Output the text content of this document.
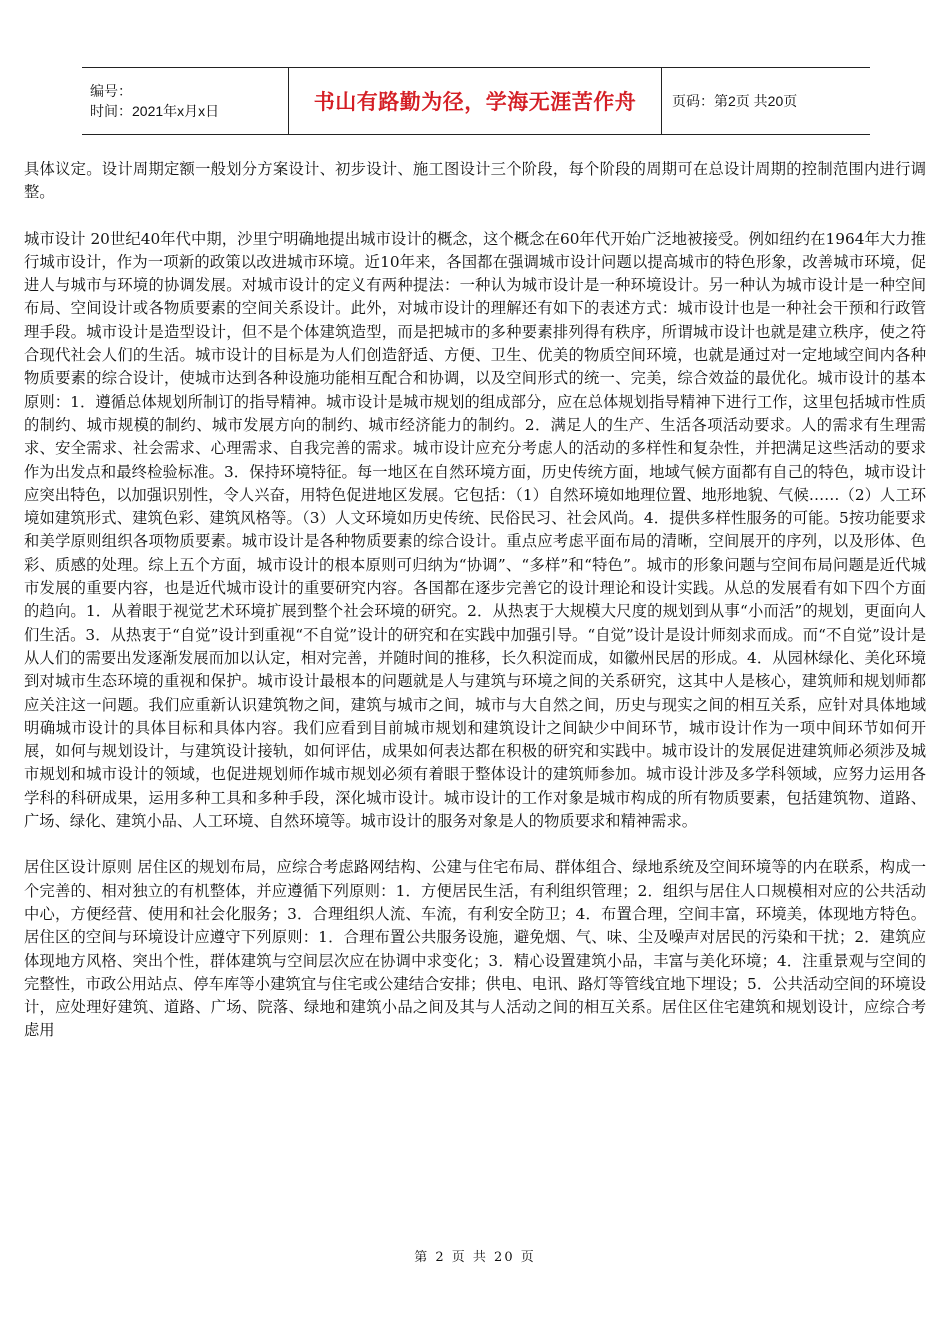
编号：
时间：2021年x月x日	书山有路勤为径，学海无涯苦作舟	页码：第2页 共20页

具体议定。设计周期定额一般划分方案设计、初步设计、施工图设计三个阶段，每个阶段的周期可在总设计周期的控制范围内进行调整。

城市设计 20世纪40年代中期，沙里宁明确地提出城市设计的概念，这个概念在60年代开始广泛地被接受。例如纽约在1964年大力推行城市设计，作为一项新的政策以改进城市环境。近10年来，各国都在强调城市设计问题以提高城市的特色形象，改善城市环境，促进人与城市与环境的协调发展。对城市设计的定义有两种提法：一种认为城市设计是一种环境设计。另一种认为城市设计是一种空间布局、空间设计或各物质要素的空间关系设计。此外，对城市设计的理解还有如下的表述方式：城市设计也是一种社会干预和行政管理手段。城市设计是造型设计，但不是个体建筑造型，而是把城市的多种要素排列得有秩序，所谓城市设计也就是建立秩序，使之符合现代社会人们的生活。城市设计的目标是为人们创造舒适、方便、卫生、优美的物质空间环境，也就是通过对一定地域空间内各种物质要素的综合设计，使城市达到各种设施功能相互配合和协调，以及空间形式的统一、完美，综合效益的最优化。城市设计的基本原则：1．遵循总体规划所制订的指导精神。城市设计是城市规划的组成部分，应在总体规划指导精神下进行工作，这里包括城市性质的制约、城市规模的制约、城市发展方向的制约、城市经济能力的制约。2．满足人的生产、生活各项活动要求。人的需求有生理需求、安全需求、社会需求、心理需求、自我完善的需求。城市设计应充分考虑人的活动的多样性和复杂性，并把满足这些活动的要求作为出发点和最终检验标准。3．保持环境特征。每一地区在自然环境方面，历史传统方面，地域气候方面都有自己的特色，城市设计应突出特色，以加强识别性，令人兴奋，用特色促进地区发展。它包括：（1）自然环境如地理位置、地形地貌、气候……（2）人工环境如建筑形式、建筑色彩、建筑风格等。（3）人文环境如历史传统、民俗民习、社会风尚。4．提供多样性服务的可能。5按功能要求和美学原则组织各项物质要素。城市设计是各种物质要素的综合设计。重点应考虑平面布局的清晰，空间展开的序列，以及形体、色彩、质感的处理。综上五个方面，城市设计的根本原则可归纳为“协调”、“多样”和“特色”。城市的形象问题与空间布局问题是近代城市发展的重要内容，也是近代城市设计的重要研究内容。各国都在逐步完善它的设计理论和设计实践。从总的发展看有如下四个方面的趋向。1．从着眼于视觉艺术环境扩展到整个社会环境的研究。2．从热衷于大规模大尺度的规划到从事“小而活”的规划，更面向人们生活。3．从热衷于“自觉”设计到重视“不自觉”设计的研究和在实践中加强引导。“自觉”设计是设计师刻求而成。而“不自觉”设计是从人们的需要出发逐渐发展而加以认定，相对完善，并随时间的推移，长久积淀而成，如徽州民居的形成。4．从园林绿化、美化环境到对城市生态环境的重视和保护。城市设计最根本的问题就是人与建筑与环境之间的关系研究，这其中人是核心，建筑师和规划师都应关注这一问题。我们应重新认识建筑物之间，建筑与城市之间，城市与大自然之间，历史与现实之间的相互关系，应针对具体地域明确城市设计的具体目标和具体内容。我们应看到目前城市规划和建筑设计之间缺少中间环节，城市设计作为一项中间环节如何开展，如何与规划设计，与建筑设计接轨，如何评估，成果如何表达都在积极的研究和实践中。城市设计的发展促进建筑师必须涉及城市规划和城市设计的领域，也促进规划师作城市规划必须有着眼于整体设计的建筑师参加。城市设计涉及多学科领域，应努力运用各学科的科研成果，运用多种工具和多种手段，深化城市设计。城市设计的工作对象是城市构成的所有物质要素，包括建筑物、道路、广场、绿化、建筑小品、人工环境、自然环境等。城市设计的服务对象是人的物质要求和精神需求。

居住区设计原则 居住区的规划布局，应综合考虑路网结构、公建与住宅布局、群体组合、绿地系统及空间环境等的内在联系，构成一个完善的、相对独立的有机整体，并应遵循下列原则：1．方便居民生活，有利组织管理；2．组织与居住人口规模相对应的公共活动中心，方便经营、使用和社会化服务；3．合理组织人流、车流，有利安全防卫；4．布置合理，空间丰富，环境美，体现地方特色。居住区的空间与环境设计应遵守下列原则：1．合理布置公共服务设施，避免烟、气、味、尘及噪声对居民的污染和干扰；2．建筑应体现地方风格、突出个性，群体建筑与空间层次应在协调中求变化；3．精心设置建筑小品，丰富与美化环境；4．注重景观与空间的完整性，市政公用站点、停车库等小建筑宜与住宅或公建结合安排；供电、电讯、路灯等管线宜地下埋设；5．公共活动空间的环境设计，应处理好建筑、道路、广场、院落、绿地和建筑小品之间及其与人活动之间的相互关系。居住区住宅建筑和规划设计，应综合考虑用

第 2 页 共 20 页
